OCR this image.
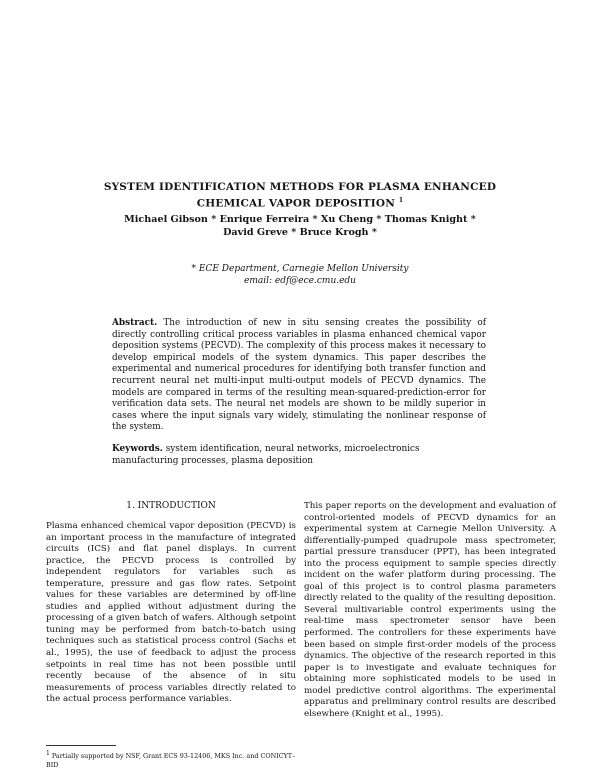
SYSTEM IDENTIFICATION METHODS FOR PLASMA ENHANCED
CHEMICAL VAPOR DEPOSITION $^1$
Michael Gibson * Enrique Ferreira * Xu Cheng * Thomas Knight *
David Greve * Bruce Krogh *
* ECE Department, Carnegie Mellon University
email: edf@ece.cmu.edu
Abstract. The introduction of new in situ sensing creates the possibility of directly controlling critical process variables in plasma enhanced chemical vapor deposition systems (PECVD). The complexity of this process makes it necessary to develop empirical models of the system dynamics. This paper describes the experimental and numerical procedures for identifying both transfer function and recurrent neural net multi-input multi-output models of PECVD dynamics. The models are compared in terms of the resulting mean-squared-prediction-error for verification data sets. The neural net models are shown to be mildly superior in cases where the input signals vary widely, stimulating the nonlinear response of the system.
Keywords. system identification, neural networks, microelectronics manufacturing processes, plasma deposition
1. INTRODUCTION
Plasma enhanced chemical vapor deposition (PECVD) is an important process in the manufacture of integrated circuits (ICS) and flat panel displays. In current practice, the PECVD process is controlled by independent regulators for variables such as temperature, pressure and gas flow rates. Setpoint values for these variables are determined by off-line studies and applied without adjustment during the processing of a given batch of wafers. Although setpoint tuning may be performed from batch-to-batch using techniques such as statistical process control (Sachs et al., 1995), the use of feedback to adjust the process setpoints in real time has not been possible until recently because of the absence of in situ measurements of process variables directly related to the actual process performance variables.
This paper reports on the development and evaluation of control-oriented models of PECVD dynamics for an experimental system at Carnegie Mellon University. A differentially-pumped quadrupole mass spectrometer, partial pressure transducer (PPT), has been integrated into the process equipment to sample species directly incident on the wafer platform during processing. The goal of this project is to control plasma parameters directly related to the quality of the resulting deposition. Several multivariable control experiments using the real-time mass spectrometer sensor have been performed. The controllers for these experiments have been based on simple first-order models of the process dynamics. The objective of the research reported in this paper is to investigate and evaluate techniques for obtaining more sophisticated models to be used in model predictive control algorithms. The experimental apparatus and preliminary control results are described elsewhere (Knight et al., 1995).
$^1$ Partially supported by NSF, Grant ECS 93-12406, MKS Inc. and CONICYT–BID
